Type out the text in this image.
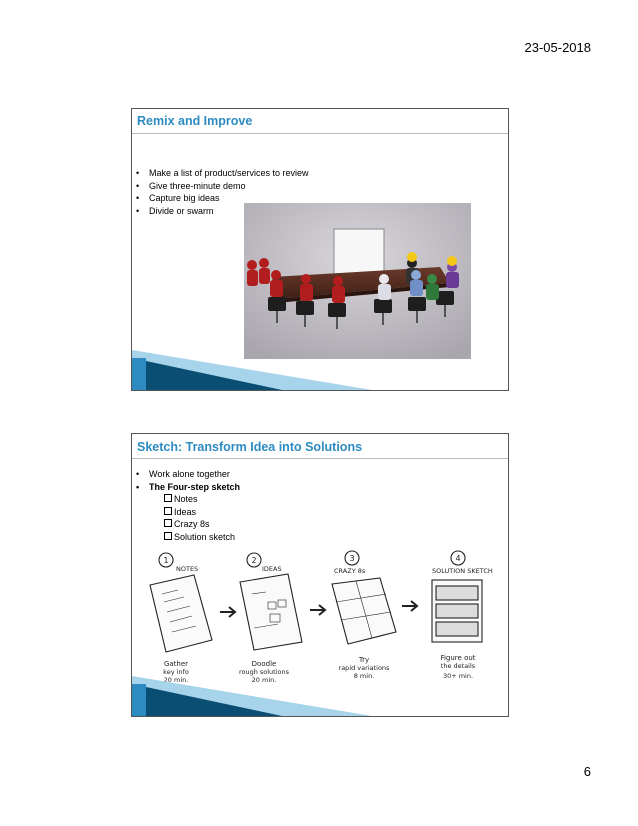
23-05-2018
Remix and Improve
• Make a list of product/services to review
• Give three-minute demo
• Capture big ideas
• Divide or swarm
Sketch: Transform Idea into Solutions
• Work alone together
• The Four-step sketch
Notes
Ideas
Crazy 8s
Solution sketch
1
NOTES
Gather
key info
20 min.
2
IDEAS
Doodle
rough solutions
20 min.
3
CRAZY 8s
Try
rapid variations
8 min.
4
SOLUTION SKETCH
Figure out
the details
30+ min.
6
